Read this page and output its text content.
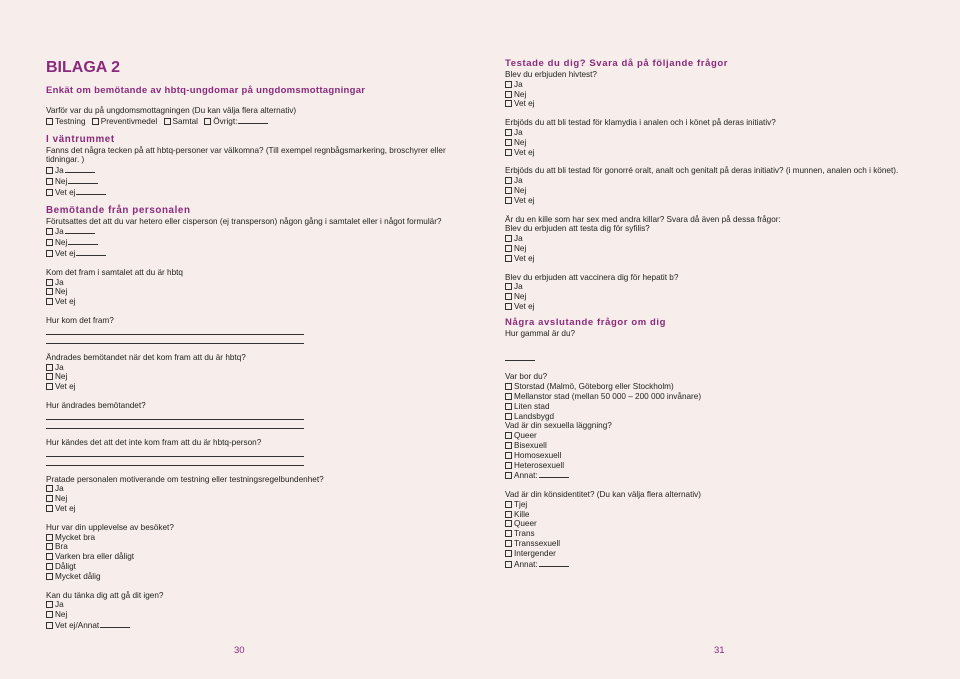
BILAGA 2
Enkät om bemötande av hbtq-ungdomar på ungdomsmottagningar
Varför var du på ungdomsmottagningen (Du kan välja flera alternativ)
Testning Preventivmedel Samtal Övrigt:
I väntrummet
Fanns det några tecken på att hbtq-personer var välkomna? (Till exempel regnbågsmarkering, broschyrer eller
tidningar. )
Ja
Nej
Vet ej
Bemötande från personalen
Förutsattes det att du var hetero eller cisperson (ej transperson) någon gång i samtalet eller i något formulär?
Ja
Nej
Vet ej
Kom det fram i samtalet att du är hbtq
Ja
Nej
Vet ej
Hur kom det fram?
Ändrades bemötandet när det kom fram att du är hbtq?
Ja
Nej
Vet ej
Hur ändrades bemötandet?
Hur kändes det att det inte kom fram att du är hbtq-person?
Pratade personalen motiverande om testning eller testningsregelbundenhet?
Ja
Nej
Vet ej
Hur var din upplevelse av besöket?
Mycket bra
Bra
Varken bra eller dåligt
Dåligt
Mycket dålig
Kan du tänka dig att gå dit igen?
Ja
Nej
Vet ej/Annat
30
Testade du dig? Svara då på följande frågor
Blev du erbjuden hivtest?
Ja
Nej
Vet ej
Erbjöds du att bli testad för klamydia i analen och i könet på deras initiativ?
Ja
Nej
Vet ej
Erbjöds du att bli testad för gonorré oralt, analt och genitalt på deras initiativ? (i munnen, analen och i könet).
Ja
Nej
Vet ej
Är du en kille som har sex med andra killar? Svara då även på dessa frågor:
Blev du erbjuden att testa dig för syfilis?
Ja
Nej
Vet ej
Blev du erbjuden att vaccinera dig för hepatit b?
Ja
Nej
Vet ej
Några avslutande frågor om dig
Hur gammal är du?
Var bor du?
Storstad (Malmö, Göteborg eller Stockholm)
Mellanstor stad (mellan 50 000 – 200 000 invånare)
Liten stad
Landsbygd
Vad är din sexuella läggning?
Queer
Bisexuell
Homosexuell
Heterosexuell
Annat:
Vad är din könsidentitet? (Du kan välja flera alternativ)
Tjej
Kille
Queer
Trans
Transsexuell
Intergender
Annat:
31
